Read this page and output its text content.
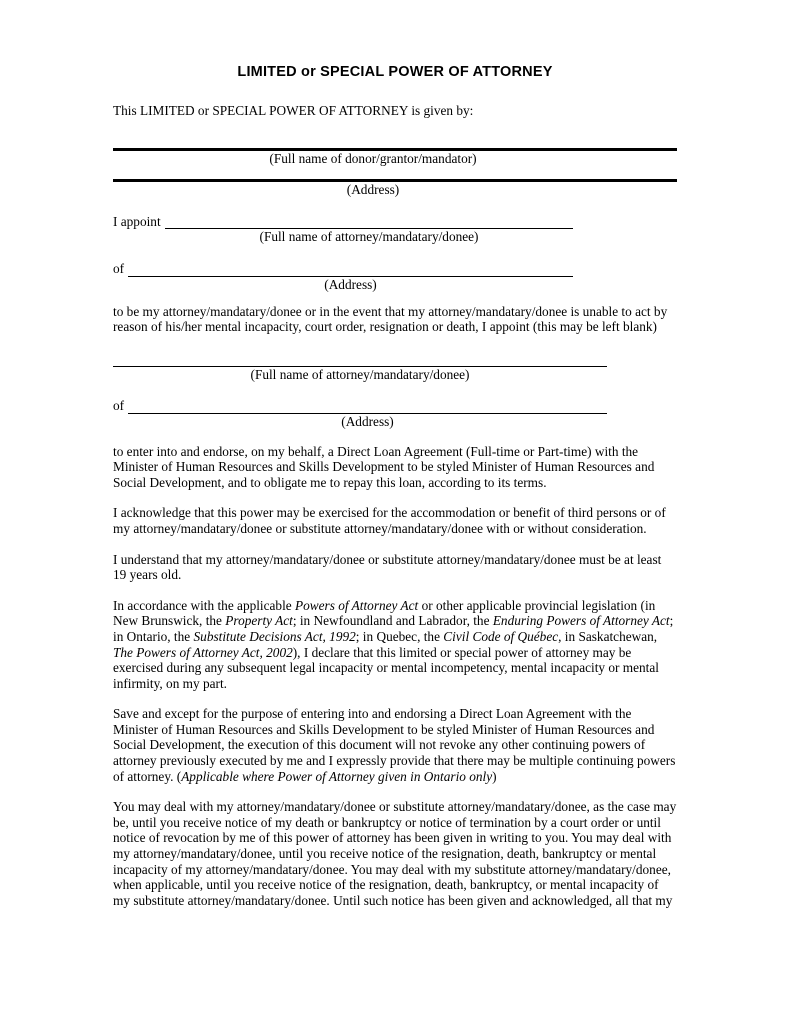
LIMITED or SPECIAL POWER OF ATTORNEY
This LIMITED or SPECIAL POWER OF ATTORNEY is given by:
(Full name of donor/grantor/mandator)
(Address)
I appoint
(Full name of attorney/mandatary/donee)
of
(Address)
to be my attorney/mandatary/donee or in the event that my attorney/mandatary/donee is unable to act by reason of his/her mental incapacity, court order, resignation or death, I appoint (this may be left blank)
(Full name of attorney/mandatary/donee)
of
(Address)
to enter into and endorse, on my behalf, a Direct Loan Agreement (Full-time or Part-time) with the Minister of Human Resources and Skills Development to be styled Minister of Human Resources and Social Development, and to obligate me to repay this loan, according to its terms.
I acknowledge that this power may be exercised for the accommodation or benefit of third persons or of my attorney/mandatary/donee or substitute attorney/mandatary/donee with or without consideration.
I understand that my attorney/mandatary/donee or substitute attorney/mandatary/donee must be at least 19 years old.
In accordance with the applicable Powers of Attorney Act or other applicable provincial legislation (in New Brunswick, the Property Act; in Newfoundland and Labrador, the Enduring Powers of Attorney Act; in Ontario, the Substitute Decisions Act, 1992; in Quebec, the Civil Code of Québec, in Saskatchewan, The Powers of Attorney Act, 2002), I declare that this limited or special power of attorney may be exercised during any subsequent legal incapacity or mental incompetency, mental incapacity or mental infirmity, on my part.
Save and except for the purpose of entering into and endorsing a Direct Loan Agreement with the Minister of Human Resources and Skills Development to be styled Minister of Human Resources and Social Development, the execution of this document will not revoke any other continuing powers of attorney previously executed by me and I expressly provide that there may be multiple continuing powers of attorney. (Applicable where Power of Attorney given in Ontario only)
You may deal with my attorney/mandatary/donee or substitute attorney/mandatary/donee, as the case may be, until you receive notice of my death or bankruptcy or notice of termination by a court order or until notice of revocation by me of this power of attorney has been given in writing to you. You may deal with my attorney/mandatary/donee, until you receive notice of the resignation, death, bankruptcy or mental incapacity of my attorney/mandatary/donee. You may deal with my substitute attorney/mandatary/donee, when applicable, until you receive notice of the resignation, death, bankruptcy, or mental incapacity of my substitute attorney/mandatary/donee. Until such notice has been given and acknowledged, all that my
